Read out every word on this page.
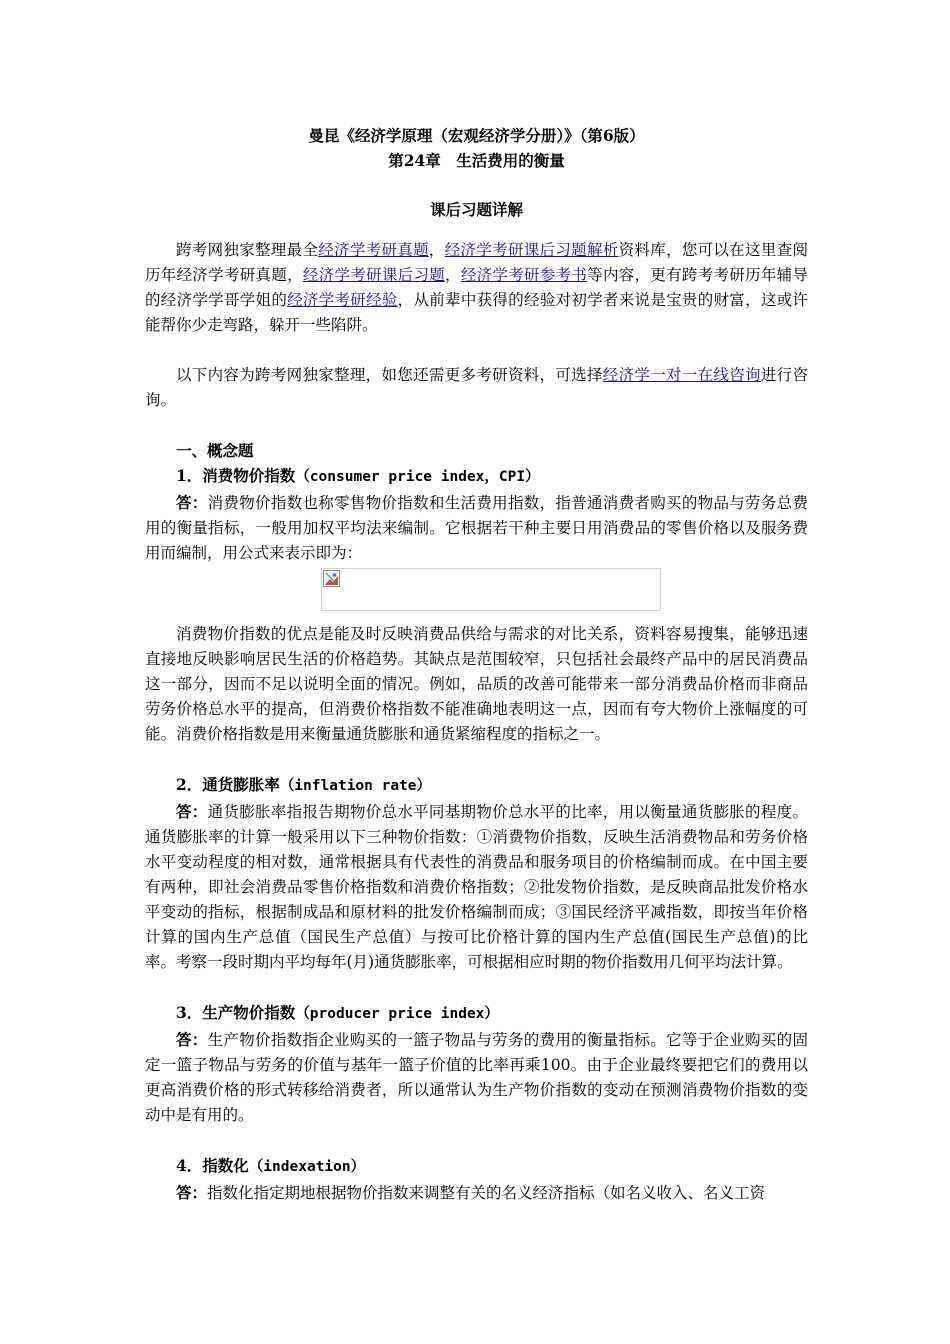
曼昆《经济学原理（宏观经济学分册）》（第6版）

第24章　生活费用的衡量

课后习题详解

跨考网独家整理最全经济学考研真题，经济学考研课后习题解析资料库，您可以在这里查阅历年经济学考研真题，经济学考研课后习题，经济学考研参考书等内容，更有跨考考研历年辅导的经济学学哥学姐的经济学考研经验，从前辈中获得的经验对初学者来说是宝贵的财富，这或许能帮你少走弯路，躲开一些陷阱。

以下内容为跨考网独家整理，如您还需更多考研资料，可选择经济学一对一在线咨询进行咨询。

一、概念题

1．消费物价指数（consumer price index，CPI）

答：消费物价指数也称零售物价指数和生活费用指数，指普通消费者购买的物品与劳务总费用的衡量指标，一般用加权平均法来编制。它根据若干种主要日用消费品的零售价格以及服务费用而编制，用公式来表示即为：

消费物价指数的优点是能及时反映消费品供给与需求的对比关系，资料容易搜集，能够迅速直接地反映影响居民生活的价格趋势。其缺点是范围较窄，只包括社会最终产品中的居民消费品这一部分，因而不足以说明全面的情况。例如，品质的改善可能带来一部分消费品价格而非商品劳务价格总水平的提高，但消费价格指数不能准确地表明这一点，因而有夸大物价上涨幅度的可能。消费价格指数是用来衡量通货膨胀和通货紧缩程度的指标之一。

2．通货膨胀率（inflation rate）

答：通货膨胀率指报告期物价总水平同基期物价总水平的比率，用以衡量通货膨胀的程度。通货膨胀率的计算一般采用以下三种物价指数：①消费物价指数，反映生活消费物品和劳务价格水平变动程度的相对数，通常根据具有代表性的消费品和服务项目的价格编制而成。在中国主要有两种，即社会消费品零售价格指数和消费价格指数；②批发物价指数，是反映商品批发价格水平变动的指标，根据制成品和原材料的批发价格编制而成；③国民经济平减指数，即按当年价格计算的国内生产总值（国民生产总值）与按可比价格计算的国内生产总值(国民生产总值)的比率。考察一段时期内平均每年(月)通货膨胀率，可根据相应时期的物价指数用几何平均法计算。

3．生产物价指数（producer price index）

答：生产物价指数指企业购买的一篮子物品与劳务的费用的衡量指标。它等于企业购买的固定一篮子物品与劳务的价值与基年一篮子价值的比率再乘100。由于企业最终要把它们的费用以更高消费价格的形式转移给消费者，所以通常认为生产物价指数的变动在预测消费物价指数的变动中是有用的。

4．指数化（indexation）

答：指数化指定期地根据物价指数来调整有关的名义经济指标（如名义收入、名义工资
